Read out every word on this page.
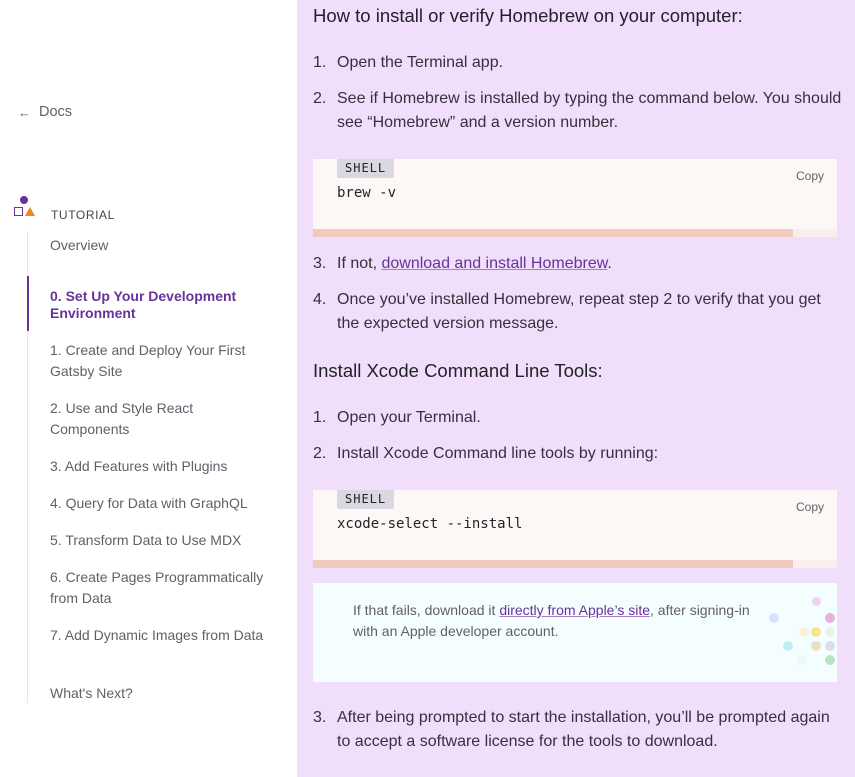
← Docs
TUTORIAL
Overview
0. Set Up Your Development Environment
1. Create and Deploy Your First Gatsby Site
2. Use and Style React Components
3. Add Features with Plugins
4. Query for Data with GraphQL
5. Transform Data to Use MDX
6. Create Pages Programmatically from Data
7. Add Dynamic Images from Data
What's Next?
How to install or verify Homebrew on your computer:
1. Open the Terminal app.
2. See if Homebrew is installed by typing the command below. You should see “Homebrew” and a version number.
SHELL
Copy
brew -v
3. If not, download and install Homebrew.
4. Once you’ve installed Homebrew, repeat step 2 to verify that you get the expected version message.
Install Xcode Command Line Tools:
1. Open your Terminal.
2. Install Xcode Command line tools by running:
SHELL
Copy
xcode-select --install
If that fails, download it directly from Apple’s site, after signing-in with an Apple developer account.
3. After being prompted to start the installation, you’ll be prompted again to accept a software license for the tools to download.
